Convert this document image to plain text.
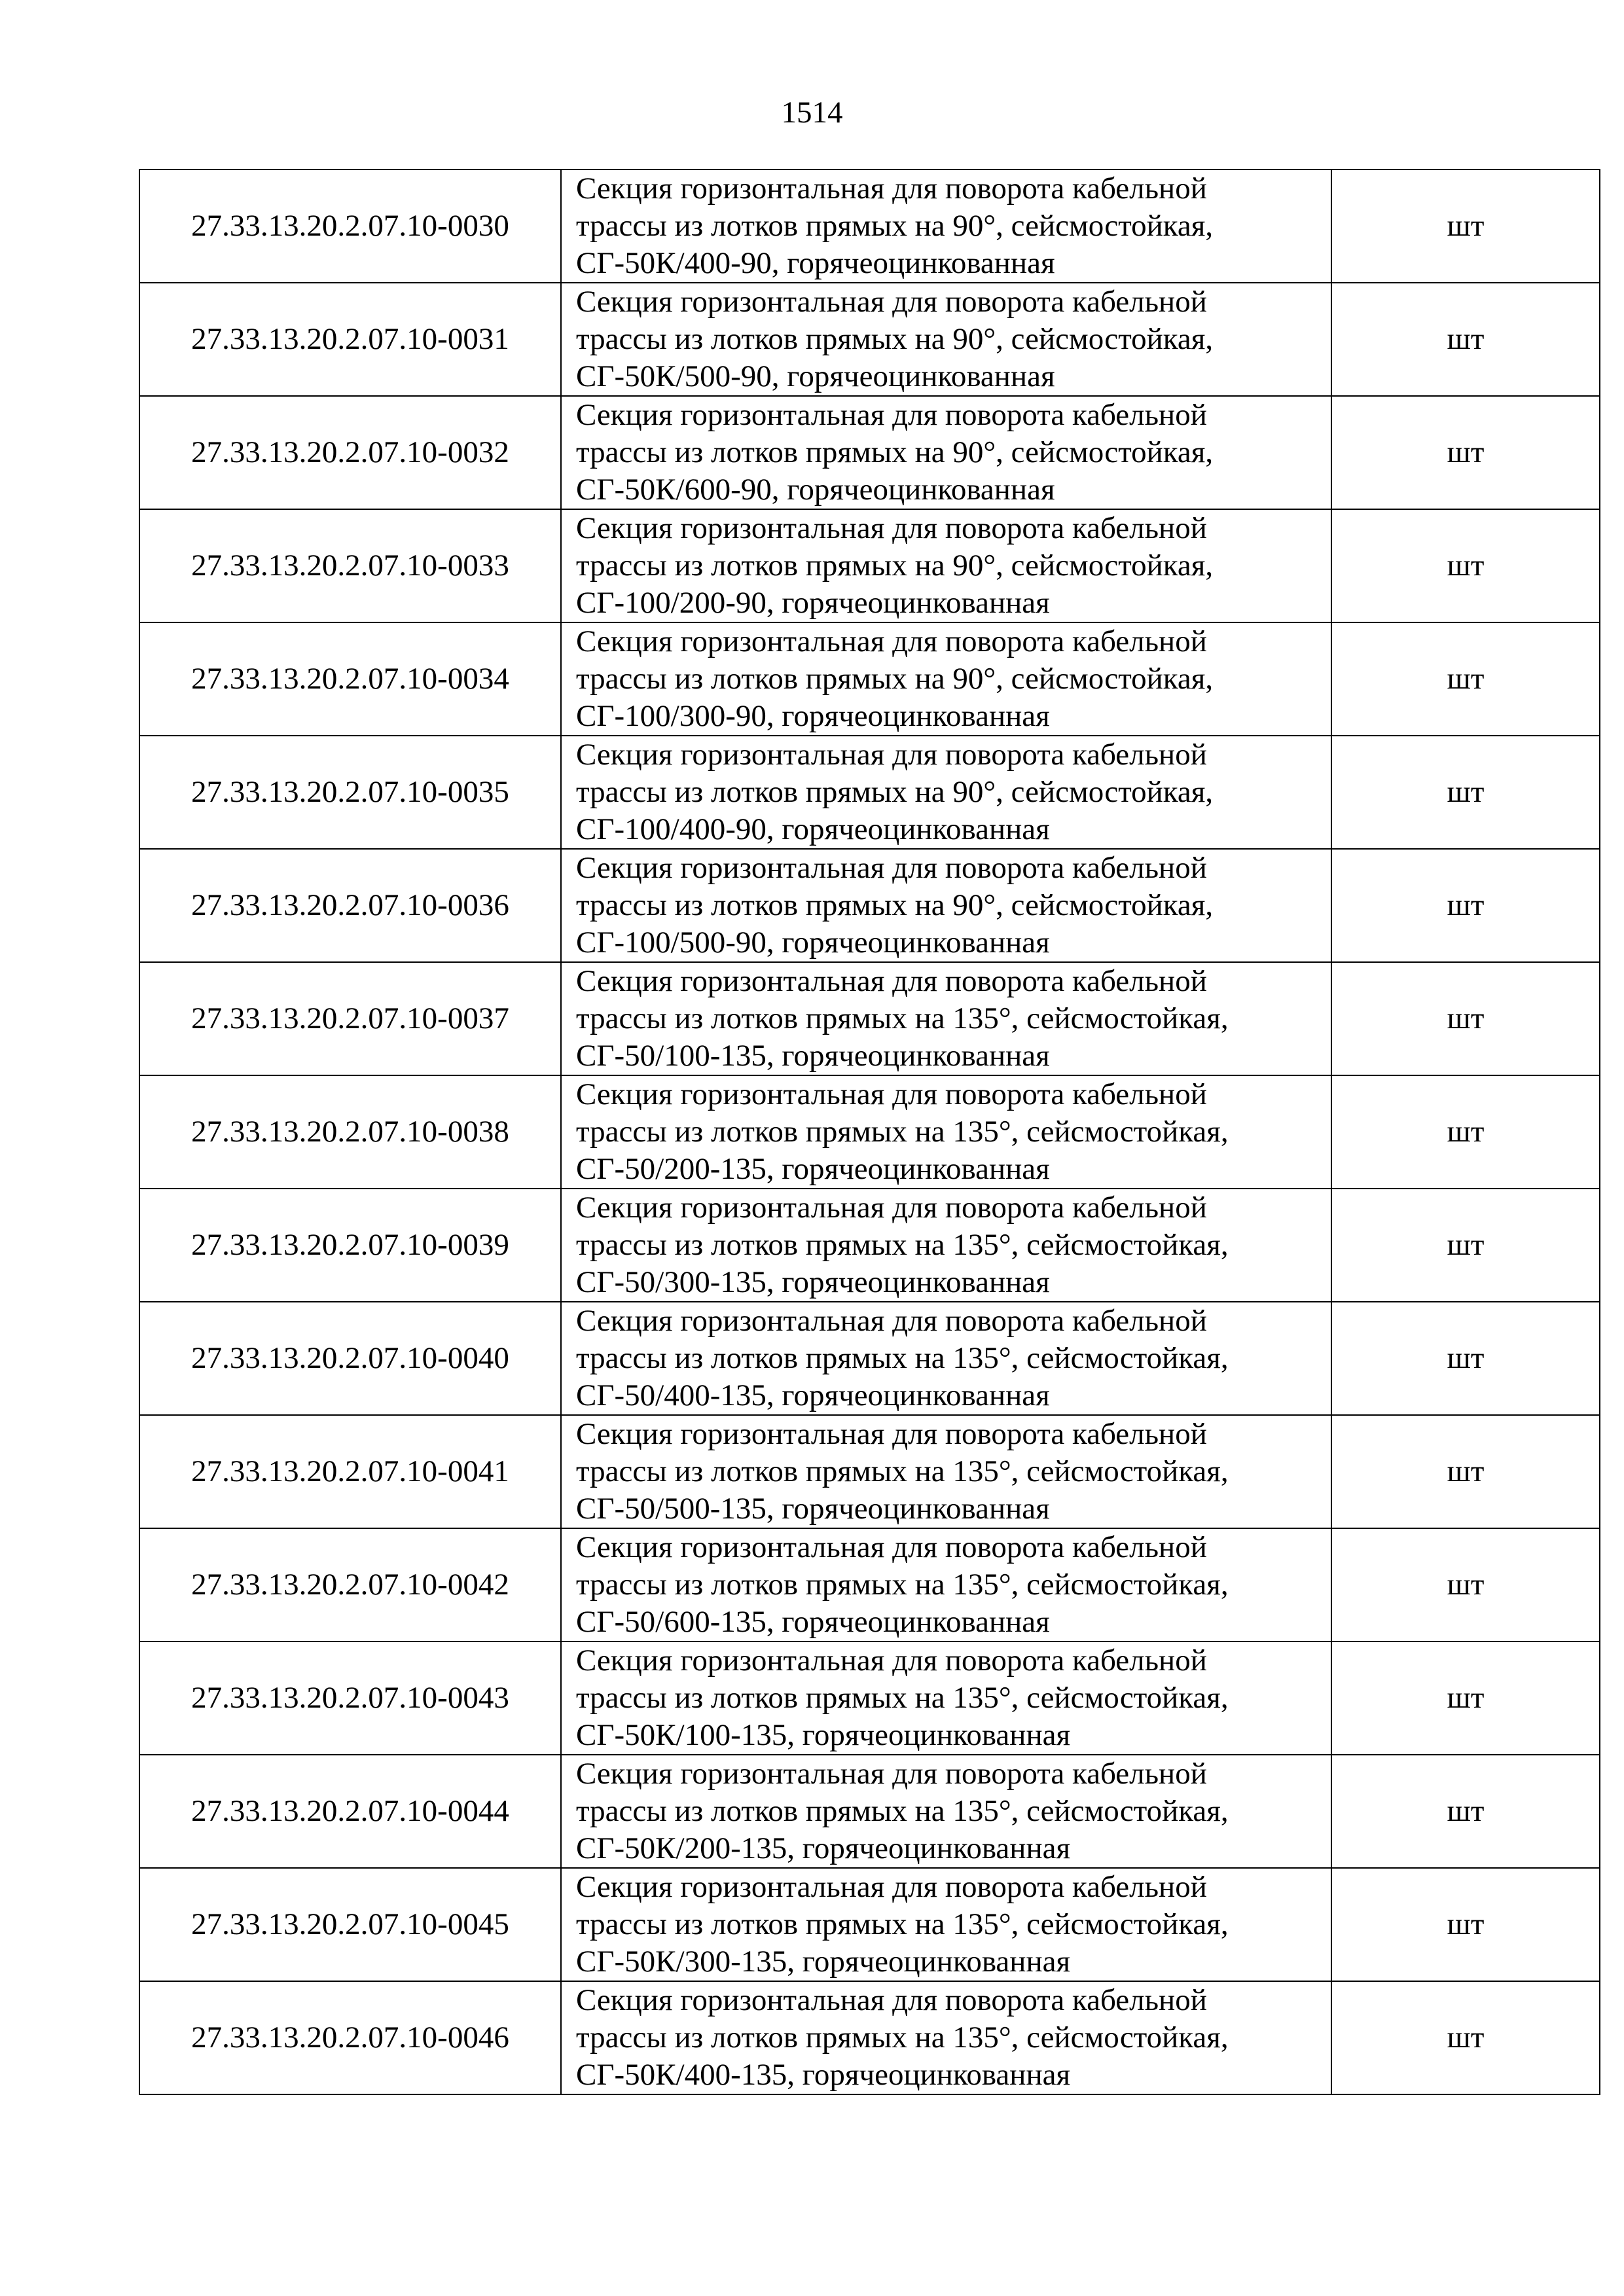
1514
27.33.13.20.2.07.10-0030	Секция горизонтальная для поворота кабельной
трассы из лотков прямых на 90°, сейсмостойкая,
СГ-50К/400-90, горячеоцинкованная	шт
27.33.13.20.2.07.10-0031	Секция горизонтальная для поворота кабельной
трассы из лотков прямых на 90°, сейсмостойкая,
СГ-50К/500-90, горячеоцинкованная	шт
27.33.13.20.2.07.10-0032	Секция горизонтальная для поворота кабельной
трассы из лотков прямых на 90°, сейсмостойкая,
СГ-50К/600-90, горячеоцинкованная	шт
27.33.13.20.2.07.10-0033	Секция горизонтальная для поворота кабельной
трассы из лотков прямых на 90°, сейсмостойкая,
СГ-100/200-90, горячеоцинкованная	шт
27.33.13.20.2.07.10-0034	Секция горизонтальная для поворота кабельной
трассы из лотков прямых на 90°, сейсмостойкая,
СГ-100/300-90, горячеоцинкованная	шт
27.33.13.20.2.07.10-0035	Секция горизонтальная для поворота кабельной
трассы из лотков прямых на 90°, сейсмостойкая,
СГ-100/400-90, горячеоцинкованная	шт
27.33.13.20.2.07.10-0036	Секция горизонтальная для поворота кабельной
трассы из лотков прямых на 90°, сейсмостойкая,
СГ-100/500-90, горячеоцинкованная	шт
27.33.13.20.2.07.10-0037	Секция горизонтальная для поворота кабельной
трассы из лотков прямых на 135°, сейсмостойкая,
СГ-50/100-135, горячеоцинкованная	шт
27.33.13.20.2.07.10-0038	Секция горизонтальная для поворота кабельной
трассы из лотков прямых на 135°, сейсмостойкая,
СГ-50/200-135, горячеоцинкованная	шт
27.33.13.20.2.07.10-0039	Секция горизонтальная для поворота кабельной
трассы из лотков прямых на 135°, сейсмостойкая,
СГ-50/300-135, горячеоцинкованная	шт
27.33.13.20.2.07.10-0040	Секция горизонтальная для поворота кабельной
трассы из лотков прямых на 135°, сейсмостойкая,
СГ-50/400-135, горячеоцинкованная	шт
27.33.13.20.2.07.10-0041	Секция горизонтальная для поворота кабельной
трассы из лотков прямых на 135°, сейсмостойкая,
СГ-50/500-135, горячеоцинкованная	шт
27.33.13.20.2.07.10-0042	Секция горизонтальная для поворота кабельной
трассы из лотков прямых на 135°, сейсмостойкая,
СГ-50/600-135, горячеоцинкованная	шт
27.33.13.20.2.07.10-0043	Секция горизонтальная для поворота кабельной
трассы из лотков прямых на 135°, сейсмостойкая,
СГ-50К/100-135, горячеоцинкованная	шт
27.33.13.20.2.07.10-0044	Секция горизонтальная для поворота кабельной
трассы из лотков прямых на 135°, сейсмостойкая,
СГ-50К/200-135, горячеоцинкованная	шт
27.33.13.20.2.07.10-0045	Секция горизонтальная для поворота кабельной
трассы из лотков прямых на 135°, сейсмостойкая,
СГ-50К/300-135, горячеоцинкованная	шт
27.33.13.20.2.07.10-0046	Секция горизонтальная для поворота кабельной
трассы из лотков прямых на 135°, сейсмостойкая,
СГ-50К/400-135, горячеоцинкованная	шт
